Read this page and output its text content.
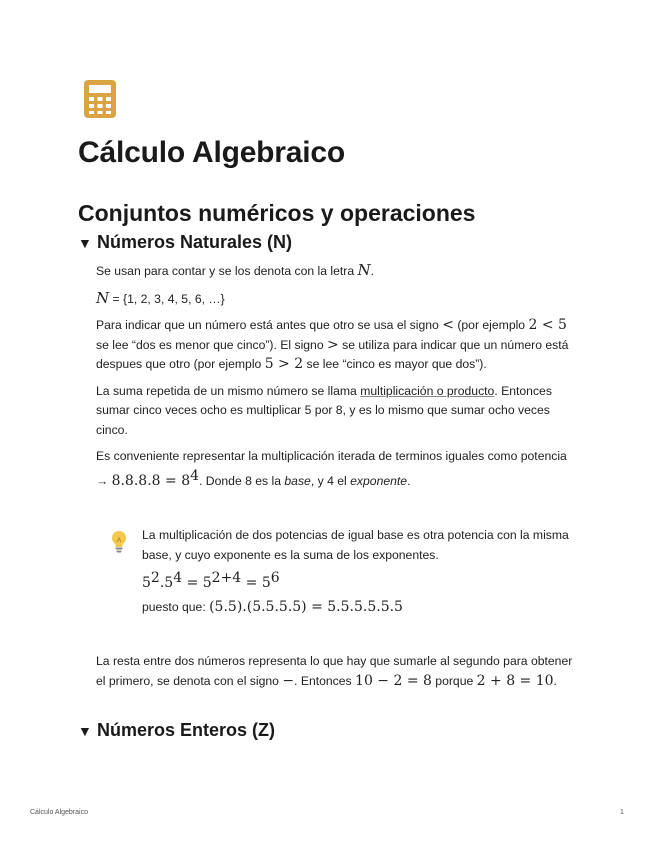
Cálculo Algebraico
Conjuntos numéricos y operaciones
▼ Números Naturales (N)

Se usan para contar y se los denota con la letra N.

N = {1, 2, 3, 4, 5, 6, …}

Para indicar que un número está antes que otro se usa el signo < (por ejemplo 2 < 5 se lee “dos es menor que cinco”). El signo > se utiliza para indicar que un número está despues que otro (por ejemplo 5 > 2 se lee “cinco es mayor que dos”).

La suma repetida de un mismo número se llama multiplicación o producto. Entonces sumar cinco veces ocho es multiplicar 5 por 8, y es lo mismo que sumar ocho veces cinco.

Es conveniente representar la multiplicación iterada de terminos iguales como potencia → $8.8.8.8 = 8^4$. Donde 8 es la base, y 4 el exponente.

La multiplicación de dos potencias de igual base es otra potencia con la misma base, y cuyo exponente es la suma de los exponentes.

$5^2.5^4 = 5^{2+4} = 5^6$

puesto que: (5.5).(5.5.5.5) = 5.5.5.5.5.5

La resta entre dos números representa lo que hay que sumarle al segundo para obtener el primero, se denota con el signo −. Entonces 10 − 2 = 8 porque 2 + 8 = 10.

▼ Números Enteros (Z)
Cálculo Algebraico	1
